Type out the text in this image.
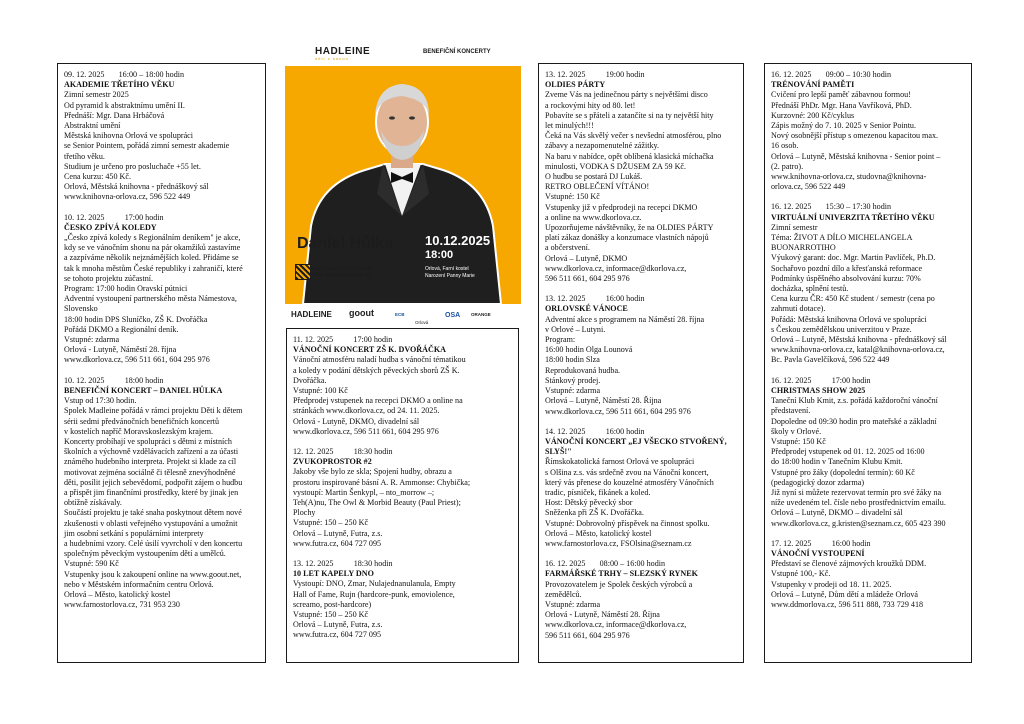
HADLEINE
dětí z kánon
BENEFIČNÍ KONCERTY
Daniel Hůlka 10.12.2025
18:00
VSTUPENKY V SÍTI GOOUT
ČI NA WEBU HADLEINE.CZ
Orlová, Farní kostel
Narození Panny Marie
HADLEINE goout	ECB
Orlová
OSA ORANGE

09. 12. 2025       16:00 – 18:00 hodin

AKADEMIE TŘETÍHO VĚKU

Zimní semestr 2025

Od pyramid k abstraktnímu umění II.

Přednáší: Mgr. Dana Hrbáčová

Abstraktní umění

Městská knihovna Orlová ve spolupráci

se Senior Pointem, pořádá zimní semestr akademie

třetího věku.

Studium je určeno pro posluchače +55 let.

Cena kurzu: 450 Kč.

Orlová, Městská knihovna - přednáškový sál

www.knihovna-orlova.cz, 596 522 449

10. 12. 2025          17:00 hodin

ČESKO ZPÍVÁ KOLEDY

„Česko zpívá koledy s Regionálním deníkem" je akce,

kdy se ve vánočním shonu na pár okamžiků zastavíme

a zazpíváme několik nejznámějších koled. Přidáme se

tak k mnoha městům České republiky i zahraničí, které

se tohoto projektu zúčastní.

Program: 17:00 hodin Oravskí pútnici

Adventní vystoupení partnerského města Námestova,

Slovensko

18:00 hodin DPS Sluníčko, ZŠ K. Dvořáčka

Pořádá DKMO a Regionální deník.

Vstupné: zdarma

Orlová - Lutyně, Náměstí 28. října

www.dkorlova.cz, 596 511 661, 604 295 976

10. 12. 2025          18:00 hodin

BENEFIČNÍ KONCERT – DANIEL HŮLKA

Vstup od 17:30 hodin.

Spolek Madleine pořádá v rámci projektu Děti k dětem

sérii sedmi předvánočních benefičních koncertů

v kostelích napříč Moravskoslezským krajem.

Koncerty probíhají ve spolupráci s dětmi z místních

školních a výchovně vzdělávacích zařízení a za účasti

známého hudebního interpreta. Projekt si klade za cíl

motivovat zejména sociálně či tělesně znevýhodněné

děti, posílit jejich sebevědomí, podpořit zájem o hudbu

a přispět jim finančními prostředky, které by jinak jen

obtížně získávaly.

Součástí projektu je také snaha poskytnout dětem nové

zkušenosti v oblasti veřejného vystupování a umožnit

jim osobní setkání s populárními interprety

a hudebními vzory. Celé úsilí vyvrcholí v den koncertu

společným pěveckým vystoupením dětí a umělců.

Vstupné: 590 Kč

Vstupenky jsou k zakoupení online na www.goout.net,

nebo v Městském informačním centru Orlová.

Orlová – Město, katolický kostel

www.farnostorlova.cz, 731 953 230

11. 12. 2025          17:00 hodin

VÁNOČNÍ KONCERT ZŠ K. DVOŘÁČKA

Vánoční atmosféru naladí hudba s vánoční tématikou

a koledy v podání dětských pěveckých sborů ZŠ K.

Dvořáčka.

Vstupné: 100 Kč

Předprodej vstupenek na recepci DKMO a online na

stránkách www.dkorlova.cz, od 24. 11. 2025.

Orlová - Lutyně, DKMO, divadelní sál

www.dkorlova.cz, 596 511 661, 604 295 976

12. 12. 2025          18:30 hodin

ZVUKOPROSTOR #2

Jakoby vše bylo ze skla; Spojení hudby, obrazu a

prostoru inspirované básní A. R. Ammonse: Chybička;

vystoupí: Martin Šenkypl, – nto_morrow –;

Teh(A)nu, The Owl & Morbid Beauty (Paul Priest);

Plochy

Vstupné: 150 – 250 Kč

Orlová – Lutyně, Futra, z.s.

www.futra.cz, 604 727 095

13. 12. 2025          18:30 hodin

10 LET KAPELY DNO

Vystoupí: DNO, Zmar, Nulajednanulanula, Empty

Hall of Fame, Rujn (hardcore-punk, emoviolence,

screamo, post-hardcore)

Vstupné: 150 – 250 Kč

Orlová – Lutyně, Futra, z.s.

www.futra.cz, 604 727 095

13. 12. 2025          19:00 hodin

OLDIES PÁRTY

Zveme Vás na jedinečnou párty s největšími disco

a rockovými hity od 80. let!

Pobavíte se s přáteli a zatančíte si na ty největší hity

let minulých!!!

Čeká na Vás skvělý večer s nevšední atmosférou, plno

zábavy a nezapomenutelné zážitky.

Na baru v nabídce, opět oblíbená klasická míchačka

minulosti, VODKA S DŽUSEM ZA 59 Kč.

O hudbu se postará DJ Lukáš.

RETRO OBLEČENÍ VÍTÁNO!

Vstupné: 150 Kč

Vstupenky již v předprodeji na recepci DKMO

a online na www.dkorlova.cz.

Upozorňujeme návštěvníky, že na OLDIES PÁRTY

platí zákaz donášky a konzumace vlastních nápojů

a občerstvení.

Orlová – Lutyně, DKMO

www.dkorlova.cz, informace@dkorlova.cz,

596 511 661, 604 295 976

13. 12. 2025          16:00 hodin

ORLOVSKÉ VÁNOCE

Adventní akce s programem na Náměstí 28. října

v Orlové – Lutyni.

Program:

16:00 hodin Olga Lounová

18:00 hodin Slza

Reprodukovaná hudba.

Stánkový prodej.

Vstupné: zdarma

Orlová – Lutyně, Náměstí 28. Října

www.dkorlova.cz, 596 511 661, 604 295 976

14. 12. 2025          16:00 hodin

VÁNOČNÍ KONCERT „EJ VŠECKO STVOŘENÝ, SLYŠ!"

Římskokatolická farnost Orlová ve spolupráci

s Olšina z.s. vás srdečně zvou na Vánoční koncert,

který vás přenese do kouzelné atmosféry Vánočních

tradic, písniček, fikánek a koled.

Host: Dětský pěvecký sbor

Sněženka při ZŠ K. Dvořáčka.

Vstupné: Dobrovolný příspěvek na činnost spolku.

Orlová – Město, katolický kostel

www.farnostorlova.cz, FSOlsina@seznam.cz

16. 12. 2025       08:00 – 16:00 hodin

FARMÁŘSKÉ TRHY – SLEZSKÝ RYNEK

Provozovatelem je Spolek českých výrobců a

zemědělců.

Vstupné: zdarma

Orlová - Lutyně, Náměstí 28. Října

www.dkorlova.cz, informace@dkorlova.cz,

596 511 661, 604 295 976

16. 12. 2025       09:00 – 10:30 hodin

TRÉNOVÁNÍ PAMĚTI

Cvičení pro lepší paměť zábavnou formou!

Přednáší PhDr. Mgr. Hana Vavříková, PhD.

Kurzovné: 200 Kč/cyklus

Zápis možný do 7. 10. 2025 v Senior Pointu.

Nový osobnější přístup s omezenou kapacitou max.

16 osob.

Orlová – Lutyně, Městská knihovna - Senior point –

(2. patro).

www.knihovna-orlova.cz, studovna@knihovna-

orlova.cz, 596 522 449

16. 12. 2025       15:30 – 17:30 hodin

VIRTUÁLNÍ UNIVERZITA TŘETÍHO VĚKU

Zimní semestr

Téma: ŽIVOT A DÍLO MICHELANGELA

BUONARROTIHO

Výukový garant: doc. Mgr. Martin Pavlíček, Ph.D.

Sochařovo pozdní dílo a křesťanská reformace

Podmínky úspěšného absolvování kurzu: 70%

docházka, splnění testů.

Cena kurzu ČR: 450 Kč student / semestr (cena po

zahrnutí dotace).

Pořádá: Městská knihovna Orlová ve spolupráci

s Českou zemědělskou univerzitou v Praze.

Orlová – Lutyně, Městská knihovna - přednáškový sál

www.knihovna-orlova.cz, katal@knihovna-orlova.cz,

Bc. Pavla Gavelčíková, 596 522 449

16. 12. 2025          17:00 hodin

CHRISTMAS SHOW 2025

Taneční Klub Kmit, z.s. pořádá každoroční vánoční

představení.

Dopoledne od 09:30 hodin pro mateřské a základní

školy v Orlové.

Vstupné: 150 Kč

Předprodej vstupenek od 01. 12. 2025 od 16:00

do 18:00 hodin v Tanečním Klubu Kmit.

Vstupné pro žáky (dopolední termín): 60 Kč

(pedagogický dozor zdarma)

Již nyní si můžete rezervovat termín pro své žáky na

níže uvedeném tel. čísle nebo prostřednictvím emailu.

Orlová – Lutyně, DKMO – divadelní sál

www.dkorlova.cz, g.kristen@seznam.cz, 605 423 390

17. 12. 2025          16:00 hodin

VÁNOČNÍ VYSTOUPENÍ

Představí se členové zájmových kroužků DDM.

Vstupné 100,- Kč.

Vstupenky v prodeji od 18. 11. 2025.

Orlová – Lutyně, Dům dětí a mládeže Orlová

www.ddmorlova.cz, 596 511 888, 733 729 418
